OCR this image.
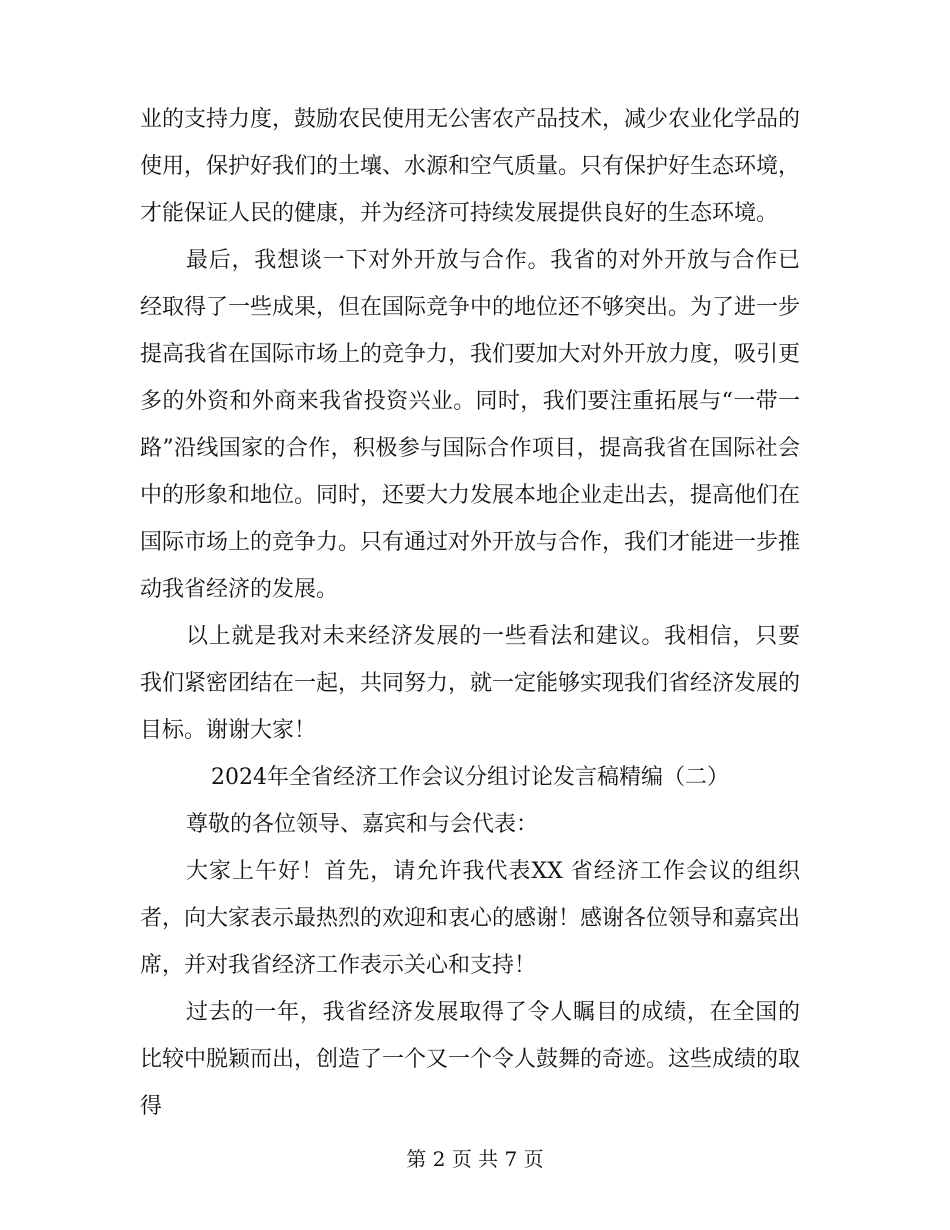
业的支持力度，鼓励农民使用无公害农产品技术，减少农业化学品的使用，保护好我们的土壤、水源和空气质量。只有保护好生态环境，才能保证人民的健康，并为经济可持续发展提供良好的生态环境。

最后，我想谈一下对外开放与合作。我省的对外开放与合作已经取得了一些成果，但在国际竞争中的地位还不够突出。为了进一步提高我省在国际市场上的竞争力，我们要加大对外开放力度，吸引更多的外资和外商来我省投资兴业。同时，我们要注重拓展与“一带一路”沿线国家的合作，积极参与国际合作项目，提高我省在国际社会中的形象和地位。同时，还要大力发展本地企业走出去，提高他们在国际市场上的竞争力。只有通过对外开放与合作，我们才能进一步推动我省经济的发展。

以上就是我对未来经济发展的一些看法和建议。我相信，只要我们紧密团结在一起，共同努力，就一定能够实现我们省经济发展的目标。谢谢大家！

2024年全省经济工作会议分组讨论发言稿精编（二）

尊敬的各位领导、嘉宾和与会代表：

大家上午好！首先，请允许我代表XX 省经济工作会议的组织者，向大家表示最热烈的欢迎和衷心的感谢！感谢各位领导和嘉宾出席，并对我省经济工作表示关心和支持！

过去的一年，我省经济发展取得了令人瞩目的成绩，在全国的比较中脱颖而出，创造了一个又一个令人鼓舞的奇迹。这些成绩的取得

第 2 页 共 7 页
